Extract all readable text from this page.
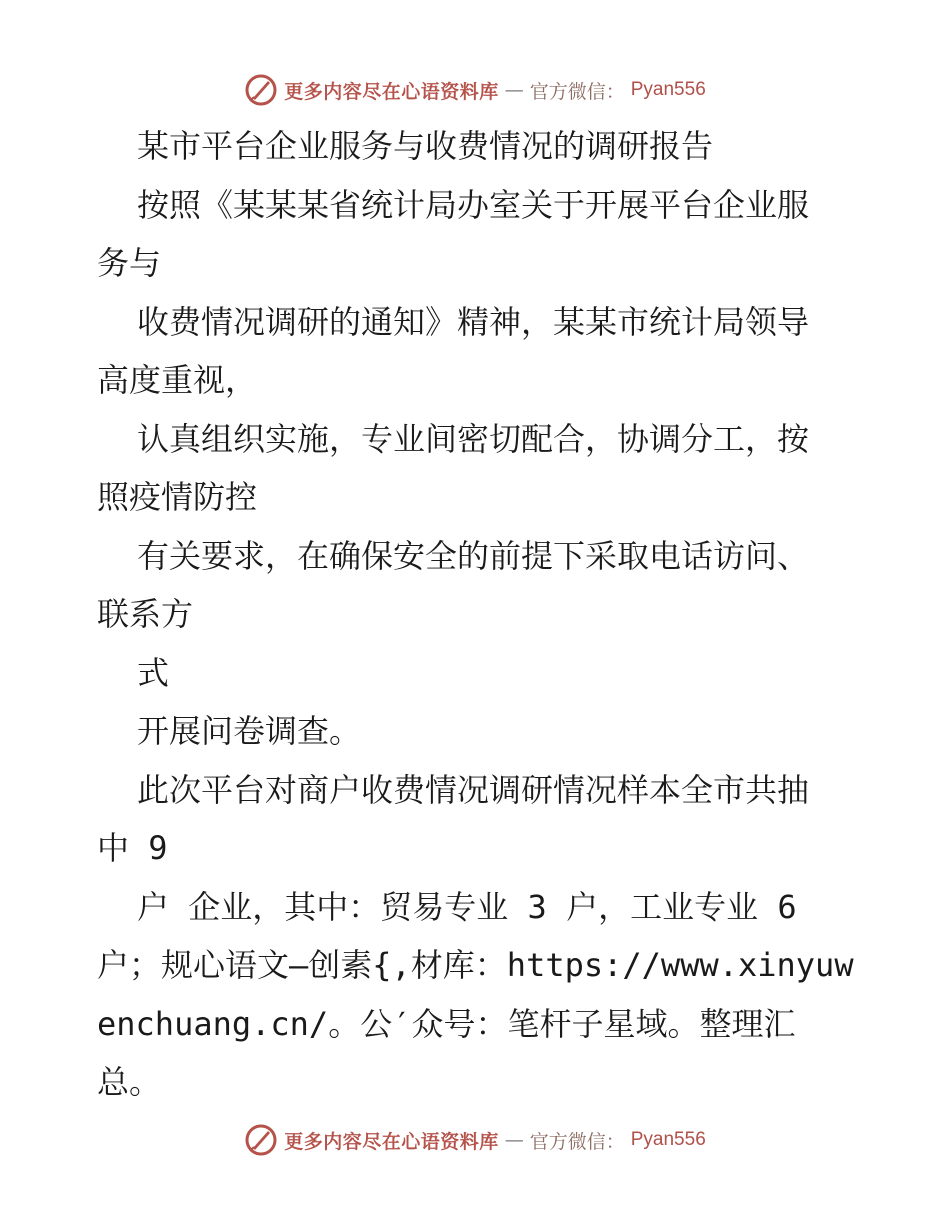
更多内容尽在心语资料库 — 官方微信： Pyan556
某市平台企业服务与收费情况的调研报告
按照《某某某省统计局办室关于开展平台企业服
务与
收费情况调研的通知》精神，某某市统计局领导
高度重视，
认真组织实施，专业间密切配合，协调分工，按
照疫情防控
有关要求，在确保安全的前提下采取电话访问、
联系方
式
开展问卷调查。
此次平台对商户收费情况调研情况样本全市共抽
中 9
户 企业，其中：贸易专业 3 户，工业专业 6
户；规心语文—创素{,材库：https://www.xinyuw
enchuang.cn/。公′众号：笔杆子星域。整理汇
总。
更多内容尽在心语资料库 — 官方微信： Pyan556
